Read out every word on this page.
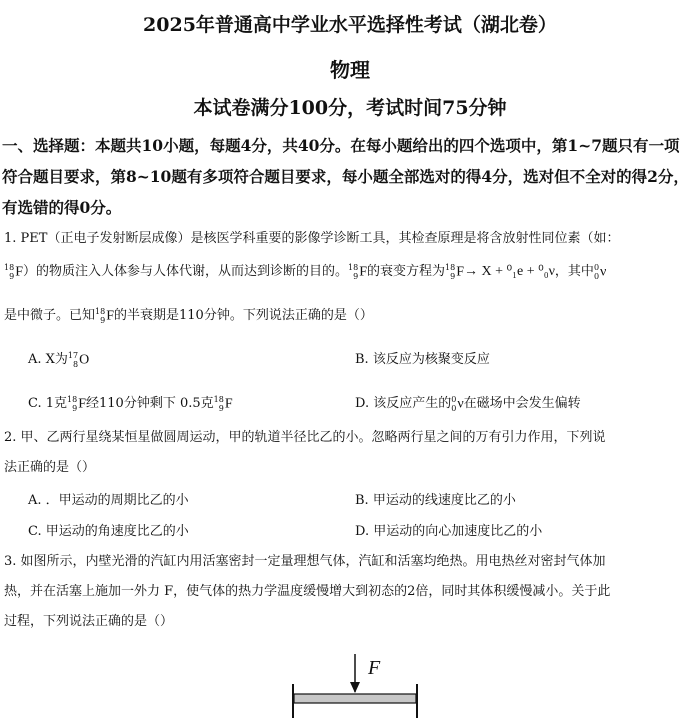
2025年普通高中学业水平选择性考试（湖北卷）
物理
本试卷满分100分，考试时间75分钟
一、选择题：本题共10小题，每题4分，共40分。在每小题给出的四个选项中，第1~7题只有一项符合题目要求，第8~10题有多项符合题目要求，每小题全部选对的得4分，选对但不全对的得2分，有选错的得0分。
1. PET（正电子发射断层成像）是核医学科重要的影像学诊断工具，其检查原理是将含放射性同位素（如：
18
9 F）的物质注入人体参与人体代谢，从而达到诊断的目的。 18
9 F的衰变方程为 18
9 F→ X + ⁰₁e + ⁰₀ν，其中 0
0 ν
是中微子。已知 18
9 F的半衰期是110分钟。下列说法正确的是（）
A. X为 17
8 O	B. 该反应为核聚变反应
C. 1克 18
9 F经110分钟剩下 0.5克 18
9 F	D. 该反应产生的 0
0 ν在磁场中会发生偏转
2. 甲、乙两行星绕某恒星做圆周运动，甲的轨道半径比乙的小。忽略两行星之间的万有引力作用，下列说
法正确的是（）
A. ．甲运动的周期比乙的小	B. 甲运动的线速度比乙的小
C. 甲运动的角速度比乙的小	D. 甲运动的向心加速度比乙的小
3. 如图所示，内壁光滑的汽缸内用活塞密封一定量理想气体，汽缸和活塞均绝热。用电热丝对密封气体加
热，并在活塞上施加一外力 F，使气体的热力学温度缓慢增大到初态的2倍，同时其体积缓慢减小。关于此
过程，下列说法正确的是（）
F
